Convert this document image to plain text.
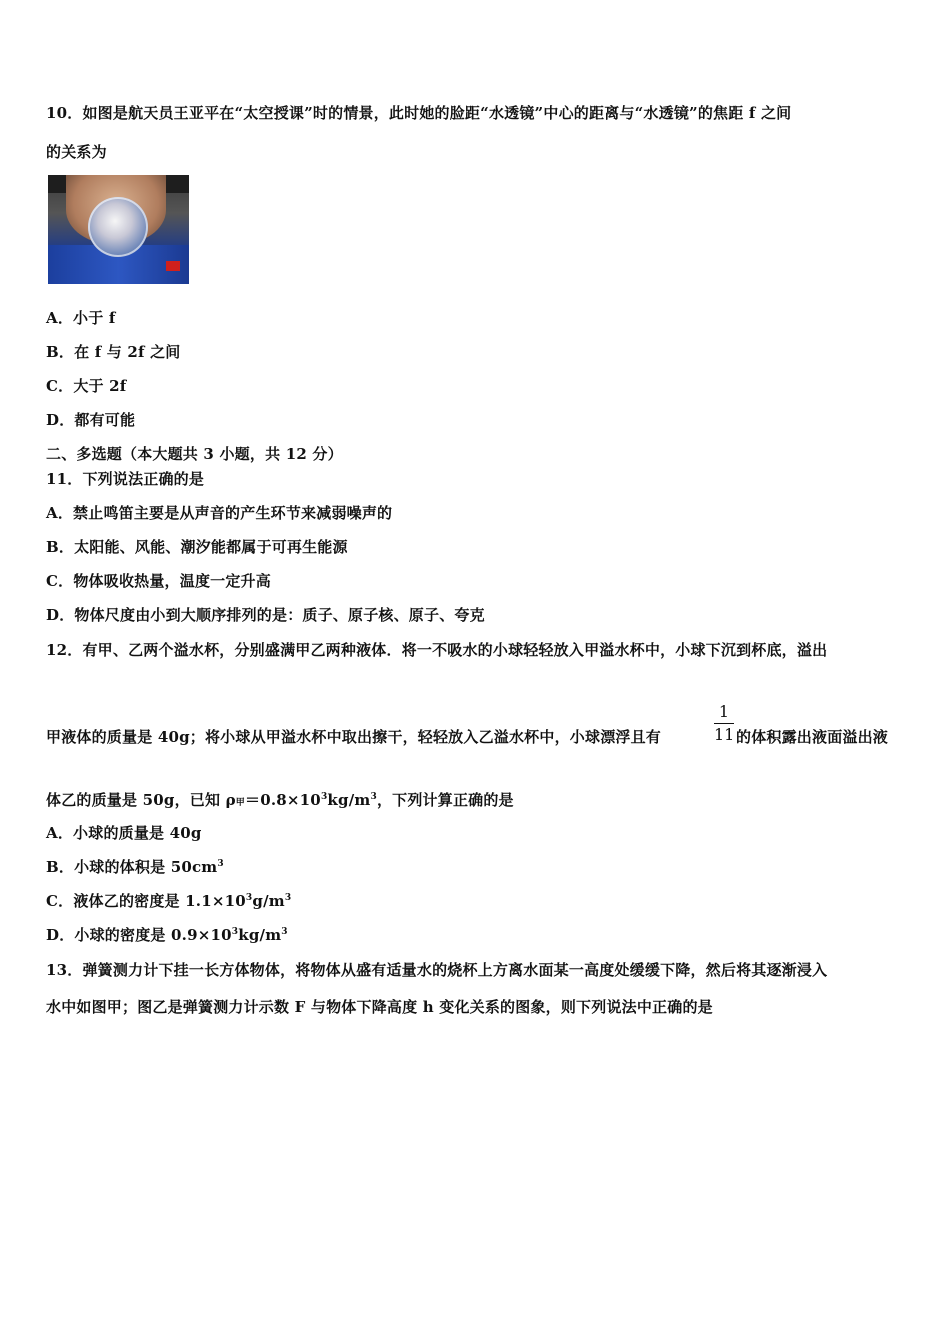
10．如图是航天员王亚平在“太空授课”时的情景，此时她的脸距“水透镜”中心的距离与“水透镜”的焦距 f 之间
的关系为
A．小于 f
B．在 f 与 2f 之间
C．大于 2f
D．都有可能
二、多选题（本大题共 3 小题，共 12 分）
11．下列说法正确的是
A．禁止鸣笛主要是从声音的产生环节来减弱噪声的
B．太阳能、风能、潮汐能都属于可再生能源
C．物体吸收热量，温度一定升高
D．物体尺度由小到大顺序排列的是：质子、原子核、原子、夸克
12．有甲、乙两个溢水杯，分别盛满甲乙两种液体．将一不吸水的小球轻轻放入甲溢水杯中，小球下沉到杯底，溢出
甲液体的质量是 40g；将小球从甲溢水杯中取出擦干，轻轻放入乙溢水杯中，小球漂浮且有
1
11 的体积露出液面溢出液
体乙的质量是 50g，已知 ρ甲$=0.8\times 10^3kg/m^3$，下列计算正确的是
A．小球的质量是 40g
B．小球的体积是 $50cm^3$
C．液体乙的密度是 $1.1\times 10^3g/m^3$
D．小球的密度是 $0.9\times 10^3kg/m^3$
13．弹簧测力计下挂一长方体物体，将物体从盛有适量水的烧杯上方离水面某一高度处缓缓下降，然后将其逐渐浸入
水中如图甲；图乙是弹簧测力计示数 F 与物体下降高度 h 变化关系的图象，则下列说法中正确的是
